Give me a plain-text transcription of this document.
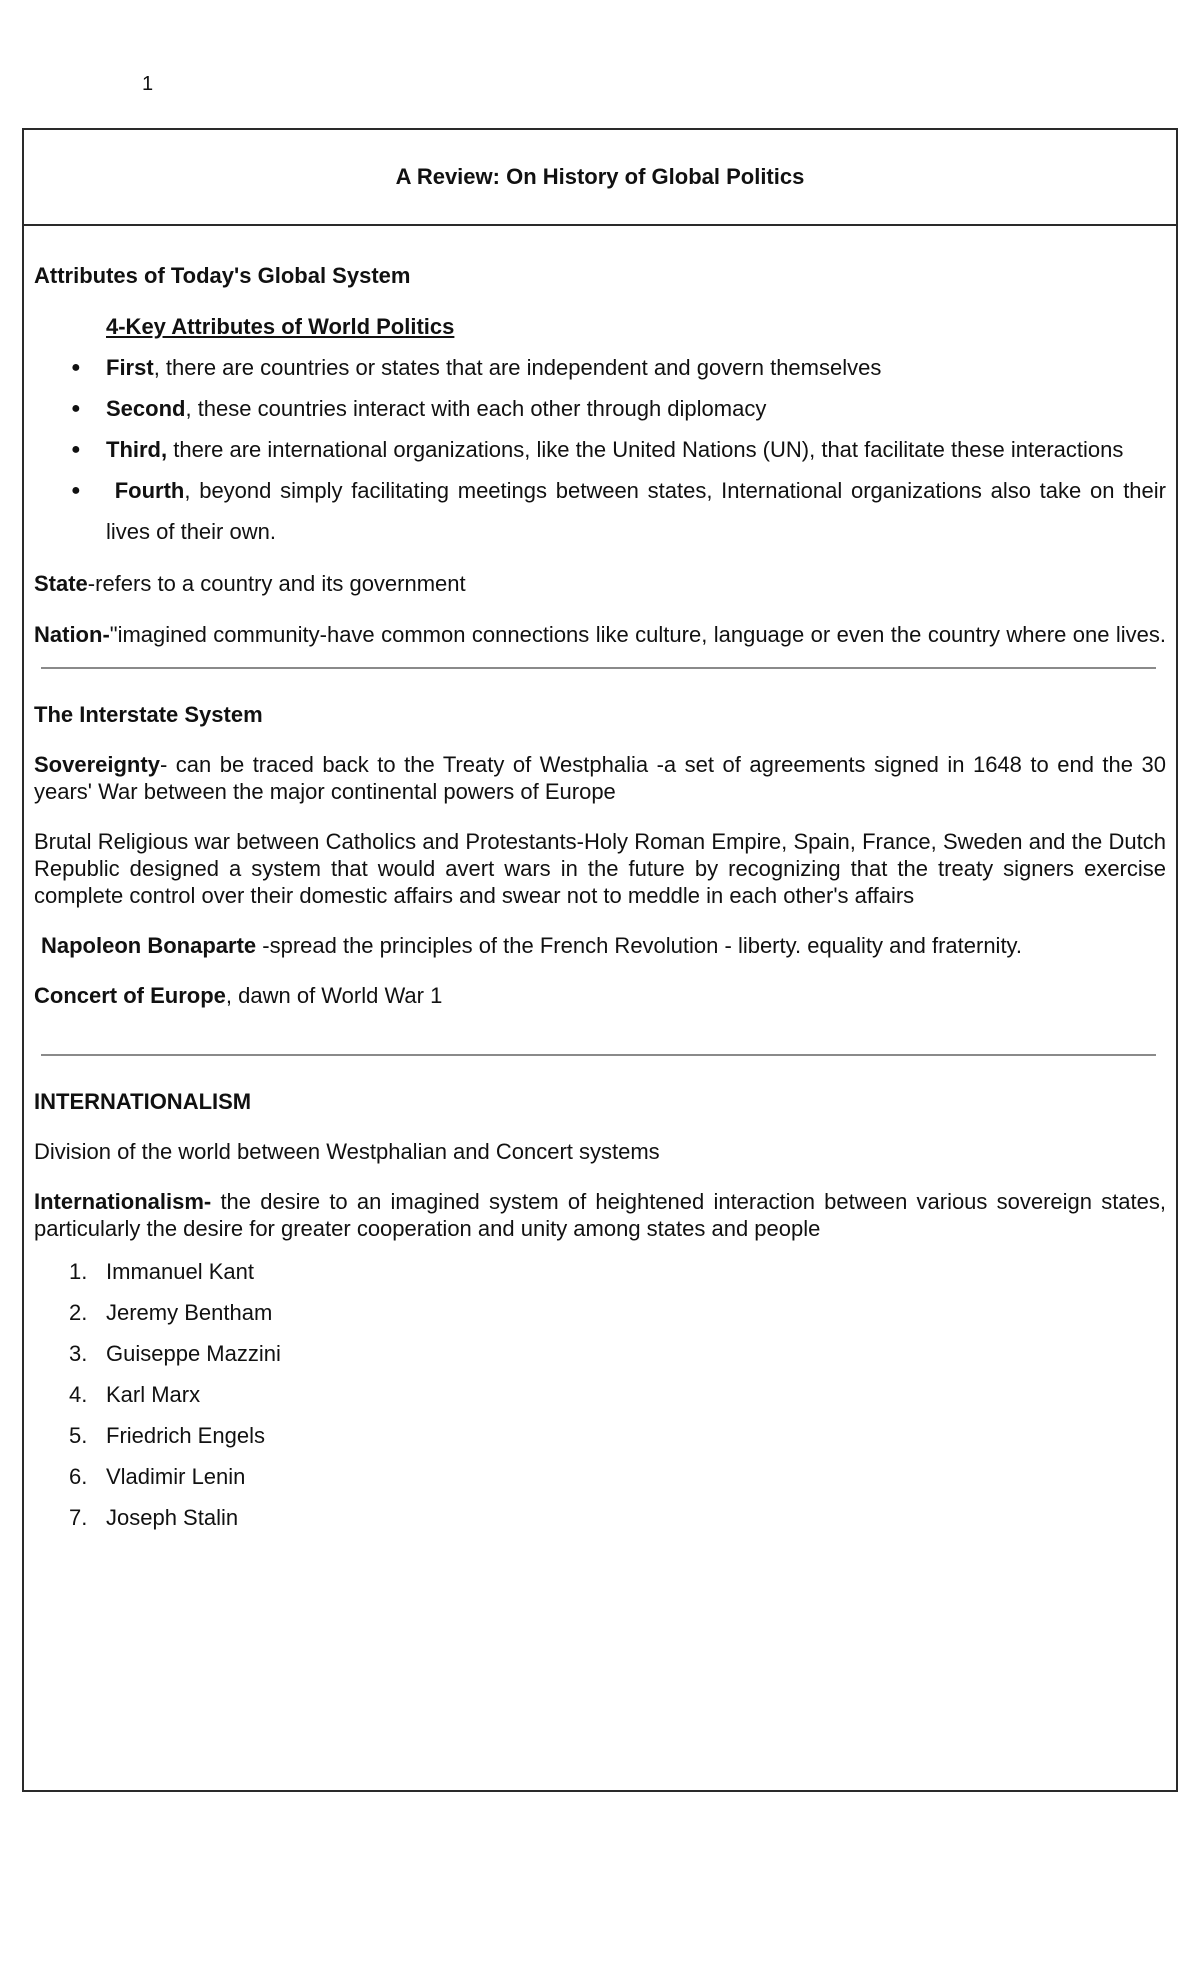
1
A Review: On History of Global Politics

Attributes of Today's Global System

4-Key Attributes of World Politics

● First, there are countries or states that are independent and govern themselves
● Second, these countries interact with each other through diplomacy
● Third, there are international organizations, like the United Nations (UN), that facilitate these interactions
● Fourth, beyond simply facilitating meetings between states, International organizations also take on their lives of their own.

State-refers to a country and its government

Nation-"imagined community-have common connections like culture, language or even the country where one lives.

The Interstate System

Sovereignty- can be traced back to the Treaty of Westphalia -a set of agreements signed in 1648 to end the 30 years' War between the major continental powers of Europe

Brutal Religious war between Catholics and Protestants-Holy Roman Empire, Spain, France, Sweden and the Dutch Republic designed a system that would avert wars in the future by recognizing that the treaty signers exercise complete control over their domestic affairs and swear not to meddle in each other's affairs

Napoleon Bonaparte -spread the principles of the French Revolution - liberty. equality and fraternity.

Concert of Europe, dawn of World War 1

INTERNATIONALISM

Division of the world between Westphalian and Concert systems

Internationalism- the desire to an imagined system of heightened interaction between various sovereign states, particularly the desire for greater cooperation and unity among states and people

1. Immanuel Kant
2. Jeremy Bentham
3. Guiseppe Mazzini
4. Karl Marx
5. Friedrich Engels
6. Vladimir Lenin
7. Joseph Stalin
